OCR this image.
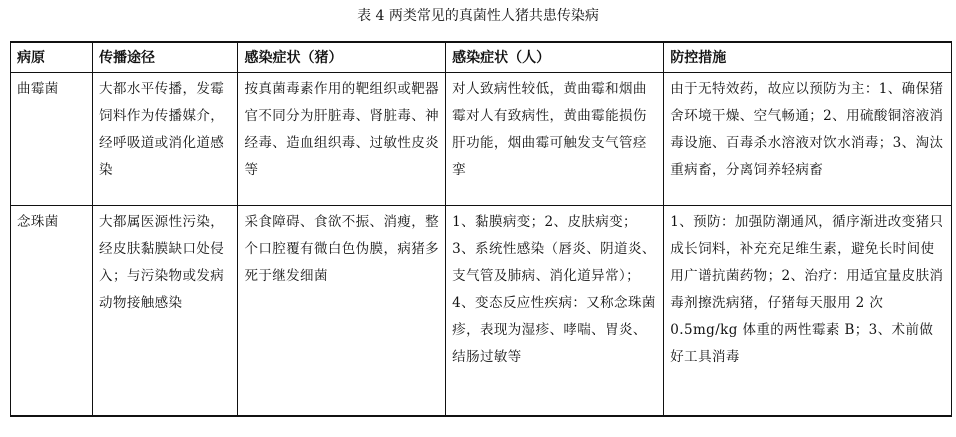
表 4 两类常见的真菌性人猪共患传染病
病原	传播途径	感染症状（猪）	感染症状（人）	防控措施
曲霉菌	大都水平传播，发霉饲料作为传播媒介，经呼吸道或消化道感染	按真菌毒素作用的靶组织或靶器官不同分为肝脏毒、肾脏毒、神经毒、造血组织毒、过敏性皮炎等	对人致病性较低，黄曲霉和烟曲霉对人有致病性，黄曲霉能损伤肝功能，烟曲霉可触发支气管痉挛	由于无特效药，故应以预防为主：1、确保猪舍环境干燥、空气畅通；2、用硫酸铜溶液消毒设施、百毒杀水溶液对饮水消毒；3、淘汰重病畜，分离饲养轻病畜
念珠菌	大都属医源性污染，经皮肤黏膜缺口处侵入；与污染物或发病动物接触感染	采食障碍、食欲不振、消瘦，整个口腔覆有微白色伪膜，病猪多死于继发细菌	1、黏膜病变；2、皮肤病变；3、系统性感染（唇炎、阴道炎、支气管及肺病、消化道异常）；4、变态反应性疾病：又称念珠菌疹，表现为湿疹、哮喘、胃炎、结肠过敏等	1、预防：加强防潮通风，循序渐进改变猪只成长饲料，补充充足维生素，避免长时间使用广谱抗菌药物；2、治疗：用适宜量皮肤消毒剂擦洗病猪，仔猪每天服用 2 次 0.5mg/kg 体重的两性霉素 B；3、术前做好工具消毒
